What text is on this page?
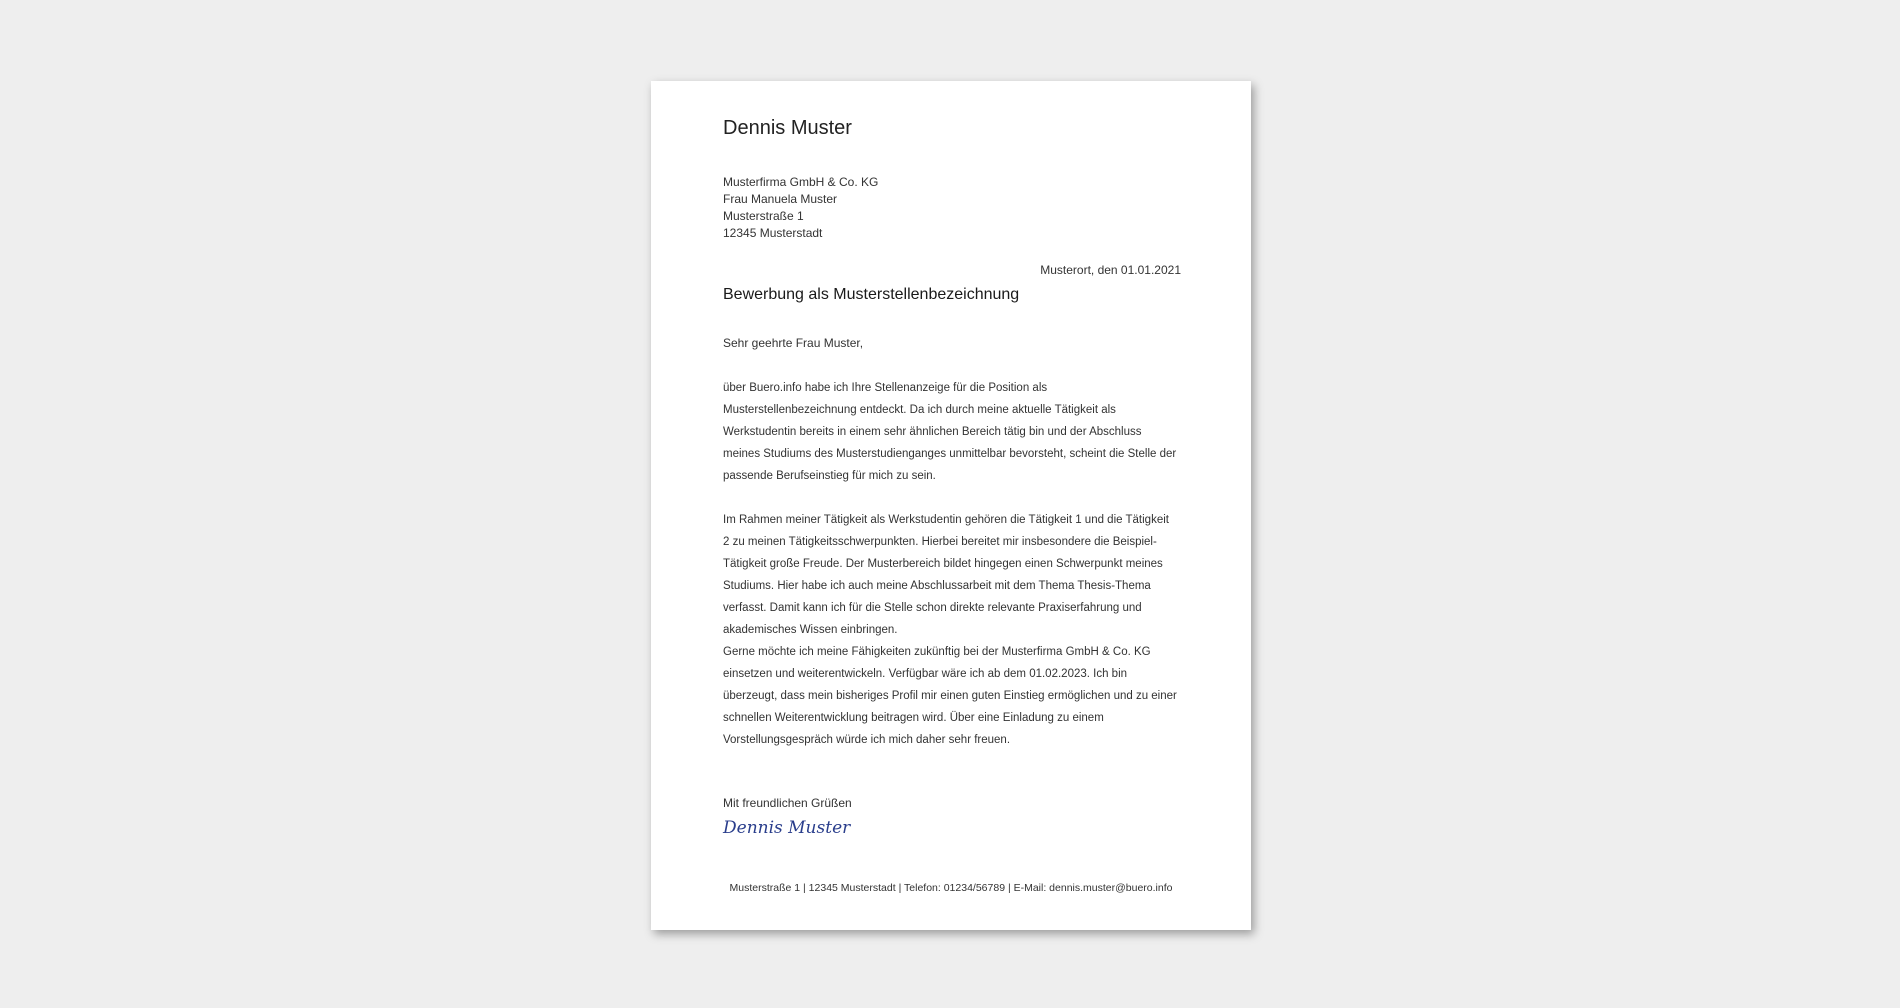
Dennis Muster
Musterfirma GmbH & Co. KG
Frau Manuela Muster
Musterstraße 1
12345 Musterstadt
Musterort, den 01.01.2021
Bewerbung als Musterstellenbezeichnung
Sehr geehrte Frau Muster,
über Buero.info habe ich Ihre Stellenanzeige für die Position als Musterstellenbezeichnung entdeckt. Da ich durch meine aktuelle Tätigkeit als Werkstudentin bereits in einem sehr ähnlichen Bereich tätig bin und der Abschluss meines Studiums des Musterstudienganges unmittelbar bevorsteht, scheint die Stelle der passende Berufseinstieg für mich zu sein.
Im Rahmen meiner Tätigkeit als Werkstudentin gehören die Tätigkeit 1 und die Tätigkeit 2 zu meinen Tätigkeitsschwerpunkten. Hierbei bereitet mir insbesondere die Beispiel-Tätigkeit große Freude. Der Musterbereich bildet hingegen einen Schwerpunkt meines Studiums. Hier habe ich auch meine Abschlussarbeit mit dem Thema Thesis-Thema verfasst. Damit kann ich für die Stelle schon direkte relevante Praxiserfahrung und akademisches Wissen einbringen.
Gerne möchte ich meine Fähigkeiten zukünftig bei der Musterfirma GmbH & Co. KG einsetzen und weiterentwickeln. Verfügbar wäre ich ab dem 01.02.2023. Ich bin überzeugt, dass mein bisheriges Profil mir einen guten Einstieg ermöglichen und zu einer schnellen Weiterentwicklung beitragen wird. Über eine Einladung zu einem Vorstellungsgespräch würde ich mich daher sehr freuen.
Mit freundlichen Grüßen
Dennis Muster
Musterstraße 1 | 12345 Musterstadt | Telefon: 01234/56789 | E-Mail: dennis.muster@buero.info
